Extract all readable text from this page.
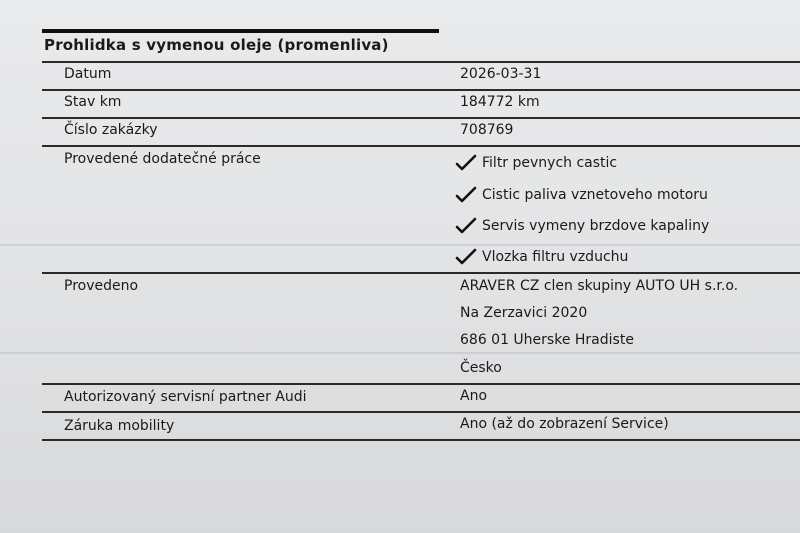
Prohlidka s vymenou oleje (promenliva)
Datum	2026-03-31
Stav km	184772 km
Číslo zakázky	708769
Provedené dodatečné práce	Filtr pevnych castic
Cistic paliva vznetoveho motoru
Servis vymeny brzdove kapaliny
Vlozka filtru vzduchu
Provedeno	ARAVER CZ clen skupiny AUTO UH s.r.o.
Na Zerzavici 2020
686 01 Uherske Hradiste
Česko
Autorizovaný servisní partner Audi	Ano
Záruka mobility	Ano (až do zobrazení Service)
